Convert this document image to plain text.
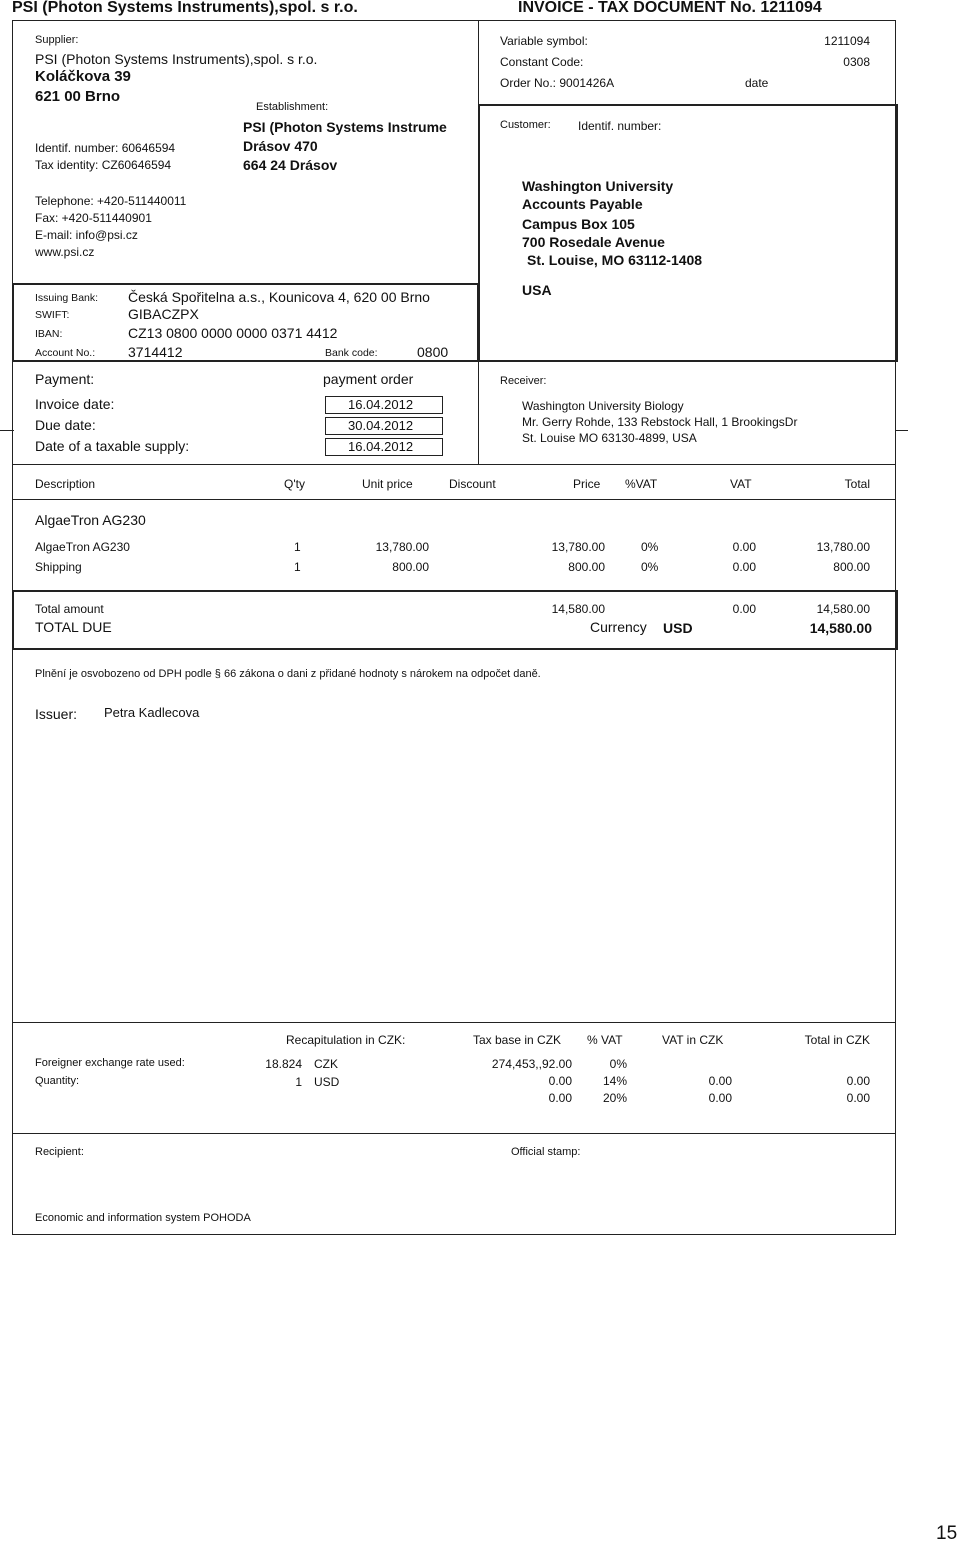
PSI (Photon Systems Instruments),spol. s r.o.	INVOICE - TAX DOCUMENT No. 1211094
Supplier:
PSI (Photon Systems Instruments),spol. s r.o.
Koláčkova 39
621 00 Brno
Identif. number: 60646594
Tax identity: CZ60646594
Telephone: +420-511440011
Fax: +420-511440901
E-mail: info@psi.cz
www.psi.cz
Establishment:
PSI (Photon Systems Instrume
Drásov 470
664 24 Drásov
Variable symbol:	1211094
Constant Code:	0308
Order No.: 9001426A	date
Customer: Identif. number:
Washington University
Accounts Payable
Campus Box 105
700 Rosedale Avenue
St. Louise, MO 63112-1408
USA
Issuing Bank: Česká Spořitelna a.s., Kounicova 4, 620 00 Brno
SWIFT:	GIBACZPX
IBAN:	CZ13 0800 0000 0000 0371 4412
Account No.: 3714412	Bank code:	0800
Payment:	payment order
Invoice date:	16.04.2012
Due date:	30.04.2012
Date of a taxable supply:	16.04.2012
Receiver:
Washington University Biology
Mr. Gerry Rohde, 133 Rebstock Hall, 1 BrookingsDr
St. Louise MO 63130-4899, USA
Description	Q'ty	Unit price	Discount	Price %VAT	VAT	Total
AlgaeTron AG230
AlgaeTron AG230	1	13,780.00	13,780.00	0%	0.00	13,780.00
Shipping	1	800.00	800.00	0%	0.00	800.00
Total amount	14,580.00	0.00	14,580.00
TOTAL DUE	Currency USD	14,580.00
Plnění je osvobozeno od DPH podle § 66 zákona o dani z přidané hodnoty s nárokem na odpočet daně.
Issuer: Petra Kadlecova
Recapitulation in CZK:	Tax base in CZK % VAT	VAT in CZK	Total in CZK
Foreigner exchange rate used:	18.824 CZK
Quantity:	1 USD
274,453,,92.00	0%
0.00	14%	0.00	0.00
0.00	20%	0.00	0.00
Recipient:	Official stamp:
Economic and information system POHODA
15
